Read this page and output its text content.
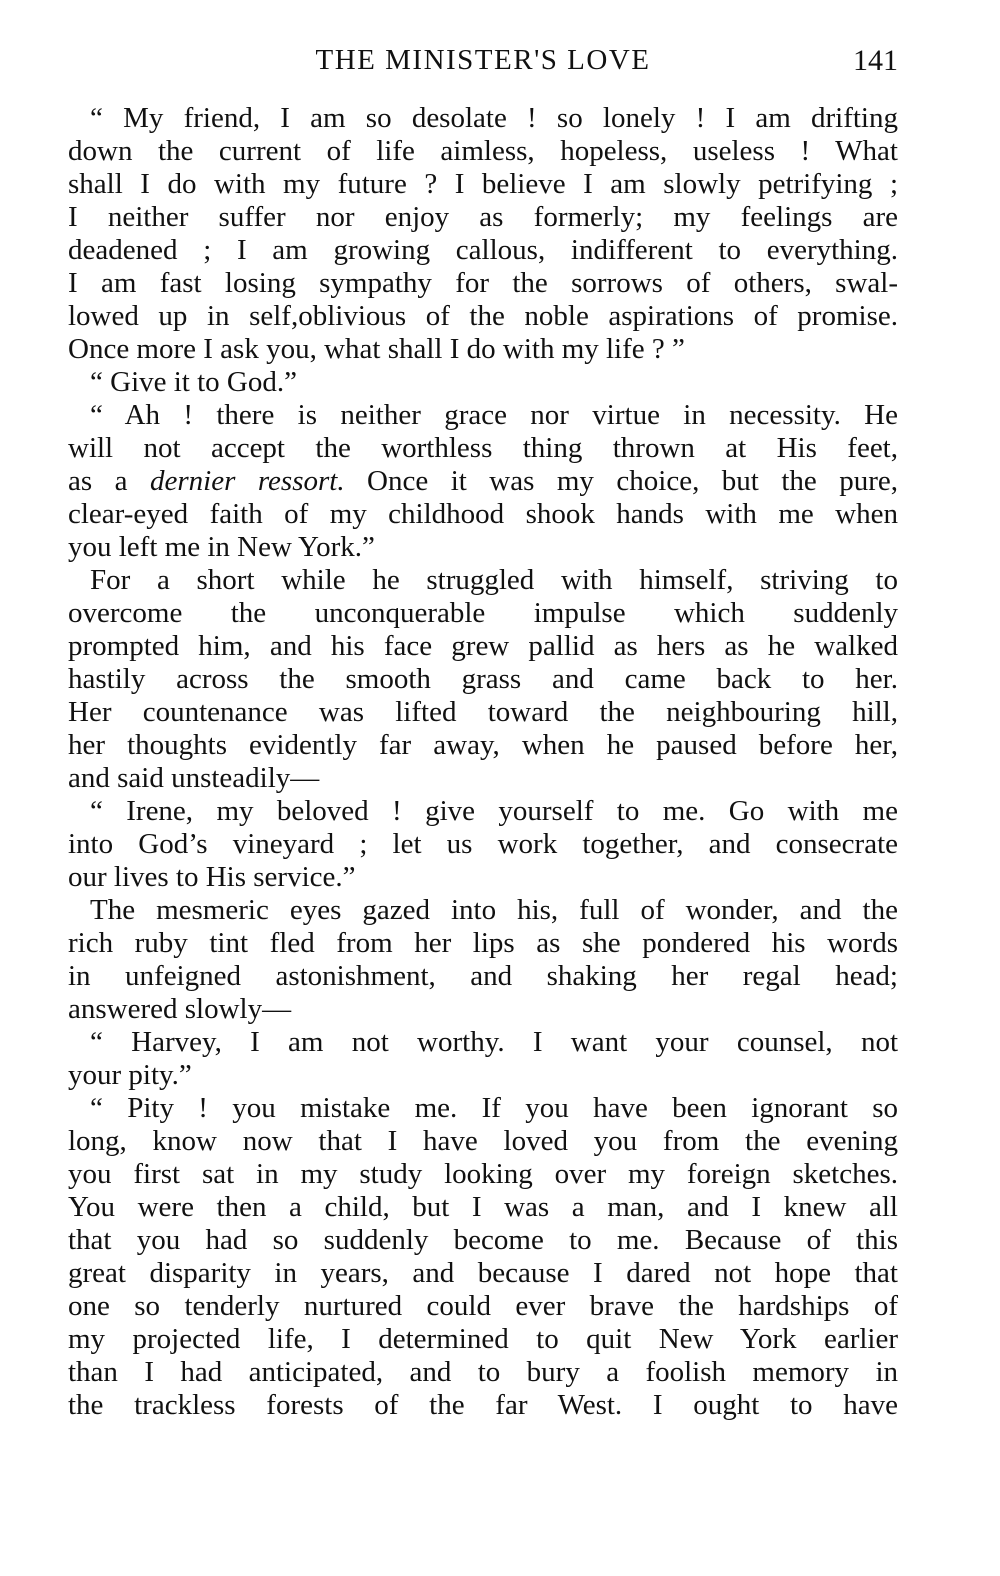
THE MINISTER'S LOVE	141
“ My friend, I am so desolate ! so lonely ! I am drifting
down the current of life aimless, hopeless, useless ! What
shall I do with my future ? I believe I am slowly petrifying ;
I neither suffer nor enjoy as formerly; my feelings are
deadened ; I am growing callous, indifferent to everything.
I am fast losing sympathy for the sorrows of others, swal-
lowed up in self,oblivious of the noble aspirations of promise.
Once more I ask you, what shall I do with my life ? ”
“ Give it to God.”
“ Ah ! there is neither grace nor virtue in necessity. He
will not accept the worthless thing thrown at His feet,
as a dernier ressort. Once it was my choice, but the pure,
clear-eyed faith of my childhood shook hands with me when
you left me in New York.”
For a short while he struggled with himself, striving to
overcome the unconquerable impulse which suddenly
prompted him, and his face grew pallid as hers as he walked
hastily across the smooth grass and came back to her.
Her countenance was lifted toward the neighbouring hill,
her thoughts evidently far away, when he paused before her,
and said unsteadily—
“ Irene, my beloved ! give yourself to me. Go with me
into God’s vineyard ; let us work together, and consecrate
our lives to His service.”
The mesmeric eyes gazed into his, full of wonder, and the
rich ruby tint fled from her lips as she pondered his words
in unfeigned astonishment, and shaking her regal head;
answered slowly—
“ Harvey, I am not worthy. I want your counsel, not
your pity.”
“ Pity ! you mistake me. If you have been ignorant so
long, know now that I have loved you from the evening
you first sat in my study looking over my foreign sketches.
You were then a child, but I was a man, and I knew all
that you had so suddenly become to me. Because of this
great disparity in years, and because I dared not hope that
one so tenderly nurtured could ever brave the hardships of
my projected life, I determined to quit New York earlier
than I had anticipated, and to bury a foolish memory in
the trackless forests of the far West. I ought to have
